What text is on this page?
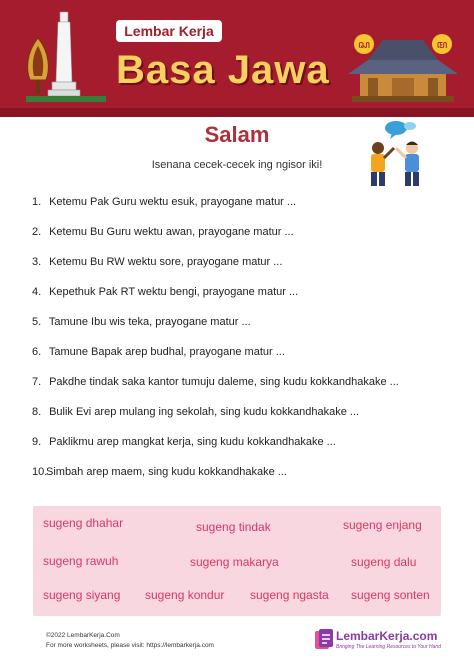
Lembar Kerja
Basa Jawa
ꦱ	ꦩ
Salam
Isenana cecek-cecek ing ngisor iki!
1. Ketemu Pak Guru wektu esuk, prayogane matur ...
2. Ketemu Bu Guru wektu awan, prayogane matur ...
3. Ketemu Bu RW wektu sore, prayogane matur ...
4. Kepethuk Pak RT wektu bengi, prayogane matur ...
5. Tamune Ibu wis teka, prayogane matur ...
6. Tamune Bapak arep budhal, prayogane matur ...
7. Pakdhe tindak saka kantor tumuju daleme, sing kudu kokkandhakake ...
8. Bulik Evi arep mulang ing sekolah, sing kudu kokkandhakake ...
9. Paklikmu arep mangkat kerja, sing kudu kokkandhakake ...
10.Simbah arep maem, sing kudu kokkandhakake ...
sugeng dhahar	sugeng tindak	sugeng enjang
sugeng rawuh	sugeng makarya	sugeng dalu
sugeng siyang sugeng kondur sugeng ngasta sugeng sonten
©2022 LembarKerja.Com
For more worksheets, please visit: https://lembarkerja.com
LembarKerja.com
Bringing The Learning Resources to Your Hand
